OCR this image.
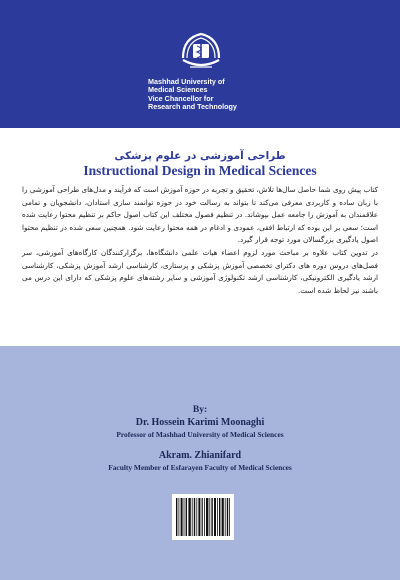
Mashhad University of
Medical Sciences
Vice Chancellor for
Research and Technology
طراحی آموزشی در علوم پزشکی
Instructional Design in Medical Sciences

کتاب پیش روی شما حاصل سال‌ها تلاش، تحقیق و تجربه در حوزه آموزش است که فرآیند و مدل‌های طراحی آموزشی را با زبان ساده و کاربردی معرفی می‌کند تا بتواند به رسالت خود در حوزه توانمند سازی استادان، دانشجویان و تمامی علاقمندان به آموزش را جامعه عمل بپوشاند. در تنظیم فصول مختلف این کتاب اصول حاکم بر تنظیم محتوا رعایت شده است؛ سعی بر این بوده که ارتباط افقی، عمودی و ادغام در همه محتوا رعایت شود. همچنین سعی شده در تنظیم محتوا اصول یادگیری بزرگسالان مورد توجه قرار گیرد.

در تدوین کتاب علاوه بر مباحث مورد لزوم اعضاء هیات علمی دانشگاه‌ها، برگزارکنندگان کارگاه‌های آموزشی، سر فصل‌های دروس دوره های دکترای تخصصی آموزش پزشکی و پرستاری، کارشناسی ارشد آموزش پزشکی، کارشناسی ارشد یادگیری الکترونیکی، کارشناسی ارشد تکنولوژی آموزشی و سایر رشته‌های علوم پزشکی که دارای این درس می باشند نیز لحاظ شده است.

By:
Dr. Hossein Karimi Moonaghi
Professor of Mashhad University of Medical Sciences
Akram. Zhianifard
Faculty Member of Esfarayen Faculty of Medical Sciences
